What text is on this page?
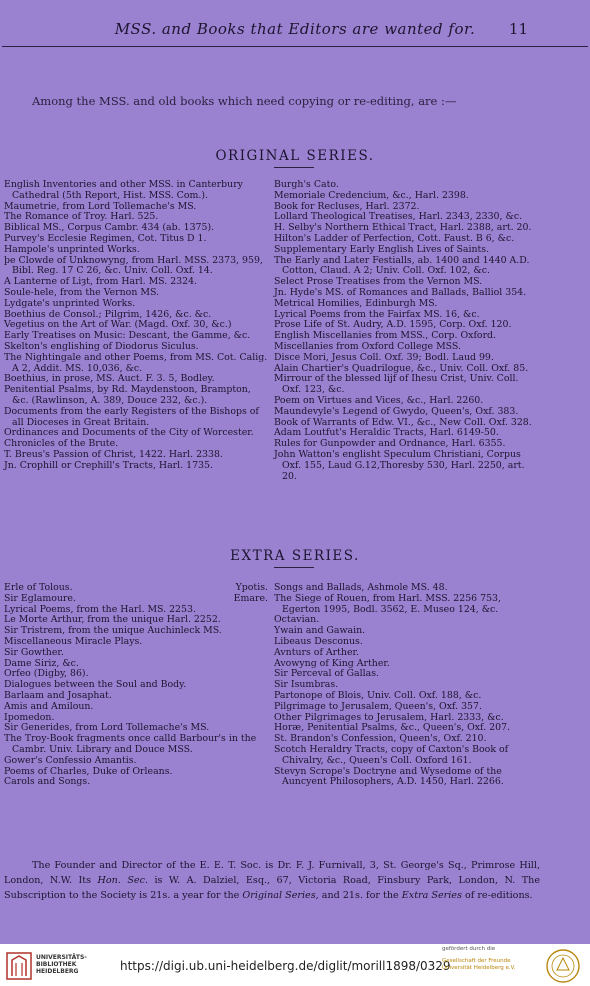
MSS. and Books that Editors are wanted for.	11
Among the MSS. and old books which need copying or re-editing, are :—
ORIGINAL SERIES.
English Inventories and other MSS. in Canterbury Cathedral (5th Report, Hist. MSS. Com.).
Maumetrie, from Lord Tollemache's MS.
The Romance of Troy. Harl. 525.
Biblical MS., Corpus Cambr. 434 (ab. 1375).
Purvey's Ecclesie Regimen, Cot. Titus D 1.
Hampole's unprinted Works.
þe Clowde of Unknowyng, from Harl. MSS. 2373, 959, Bibl. Reg. 17 C 26, &c. Univ. Coll. Oxf. 14.
A Lanterne of Liȝt, from Harl. MS. 2324.
Soule-hele, from the Vernon MS.
Lydgate's unprinted Works.
Boethius de Consol.; Pilgrim, 1426, &c. &c.
Vegetius on the Art of War. (Magd. Oxf. 30, &c.)
Early Treatises on Music: Descant, the Gamme, &c.
Skelton's englishing of Diodorus Siculus.
The Nightingale and other Poems, from MS. Cot. Calig. A 2, Addit. MS. 10,036, &c.
Boethius, in prose, MS. Auct. F. 3. 5, Bodley.
Penitential Psalms, by Rd. Maydenstoon, Brampton, &c. (Rawlinson, A. 389, Douce 232, &c.).
Documents from the early Registers of the Bishops of all Dioceses in Great Britain.
Ordinances and Documents of the City of Worcester.
Chronicles of the Brute.
T. Breus's Passion of Christ, 1422. Harl. 2338.
Jn. Crophill or Crephill's Tracts, Harl. 1735.
Burgh's Cato.
Memoriale Credencium, &c., Harl. 2398.
Book for Recluses, Harl. 2372.
Lollard Theological Treatises, Harl. 2343, 2330, &c.
H. Selby's Northern Ethical Tract, Harl. 2388, art. 20.
Hilton's Ladder of Perfection, Cott. Faust. B 6, &c.
Supplementary Early English Lives of Saints.
The Early and Later Festialls, ab. 1400 and 1440 A.D. Cotton, Claud. A 2; Univ. Coll. Oxf. 102, &c.
Select Prose Treatises from the Vernon MS.
Jn. Hyde's MS. of Romances and Ballads, Balliol 354.
Metrical Homilies, Edinburgh MS.
Lyrical Poems from the Fairfax MS. 16, &c.
Prose Life of St. Audry, A.D. 1595, Corp. Oxf. 120.
English Miscellanies from MSS., Corp. Oxford.
Miscellanies from Oxford College MSS.
Disce Mori, Jesus Coll. Oxf. 39; Bodl. Laud 99.
Alain Chartier's Quadrilogue, &c., Univ. Coll. Oxf. 85.
Mirrour of the blessed lijf of Ihesu Crist, Univ. Coll. Oxf. 123, &c.
Poem on Virtues and Vices, &c., Harl. 2260.
Maundevyle's Legend of Gwydo, Queen's, Oxf. 383.
Book of Warrants of Edw. VI., &c., New Coll. Oxf. 328.
Adam Loutfut's Heraldic Tracts, Harl. 6149-50.
Rules for Gunpowder and Ordnance, Harl. 6355.
John Watton's englisht Speculum Christiani, Corpus Oxf. 155, Laud G.12,Thoresby 530, Harl. 2250, art. 20.
EXTRA SERIES.
Erle of Tolous.	Ypotis.
Sir Eglamoure.	Emare.
Lyrical Poems, from the Harl. MS. 2253.
Le Morte Arthur, from the unique Harl. 2252.
Sir Tristrem, from the unique Auchinleck MS.
Miscellaneous Miracle Plays.
Sir Gowther.
Dame Siriz, &c.
Orfeo (Digby, 86).
Dialogues between the Soul and Body.
Barlaam and Josaphat.
Amis and Amiloun.
Ipomedon.
Sir Generides, from Lord Tollemache's MS.
The Troy-Book fragments once calld Barbour's in the Cambr. Univ. Library and Douce MSS.
Gower's Confessio Amantis.
Poems of Charles, Duke of Orleans.
Carols and Songs.
Songs and Ballads, Ashmole MS. 48.
The Siege of Rouen, from Harl. MSS. 2256 753, Egerton 1995, Bodl. 3562, E. Museo 124, &c.
Octavian.
Ywain and Gawain.
Libeaus Desconus.
Avnturs of Arther.
Avowyng of King Arther.
Sir Perceval of Gallas.
Sir Isumbras.
Partonope of Blois, Univ. Coll. Oxf. 188, &c.
Pilgrimage to Jerusalem, Queen's, Oxf. 357.
Other Pilgrimages to Jerusalem, Harl. 2333, &c.
Horæ, Penitential Psalms, &c., Queen's, Oxf. 207.
St. Brandon's Confession, Queen's, Oxf. 210.
Scotch Heraldry Tracts, copy of Caxton's Book of Chivalry, &c., Queen's Coll. Oxford 161.
Stevyn Scrope's Doctryne and Wysedome of the Auncyent Philosophers, A.D. 1450, Harl. 2266.
The Founder and Director of the E. E. T. Soc. is Dr. F. J. Furnivall, 3, St. George's Sq., Primrose Hill, London, N.W. Its Hon. Sec. is W. A. Dalziel, Esq., 67, Victoria Road, Finsbury Park, London, N. The Subscription to the Society is 21s. a year for the Original Series, and 21s. for the Extra Series of re-editions.
UNIVERSITÄTS-
BIBLIOTHEK
HEIDELBERG	https://digi.ub.uni-heidelberg.de/diglit/morill1898/0329
gefördert durch die
Gesellschaft der Freunde
Universität Heidelberg e.V.
